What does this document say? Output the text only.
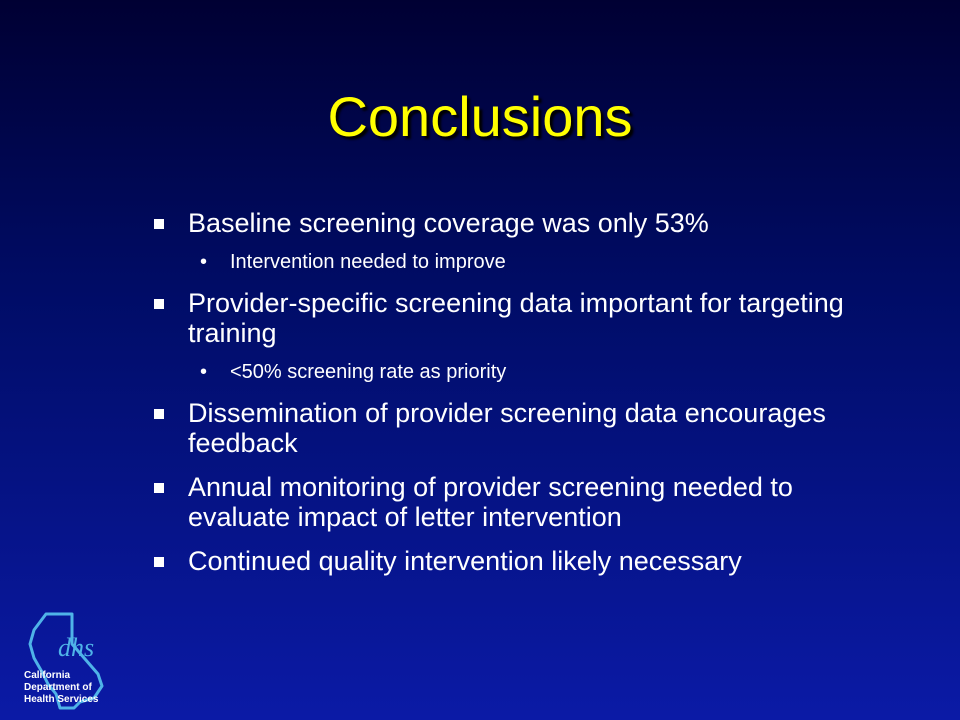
Conclusions
Baseline screening coverage was only 53%
• Intervention needed to improve
Provider-specific screening data important for targeting training
• <50% screening rate as priority
Dissemination of provider screening data encourages feedback
Annual monitoring of provider screening needed to evaluate impact of letter intervention
Continued quality intervention likely necessary
dhs
California
Department of
Health Services
